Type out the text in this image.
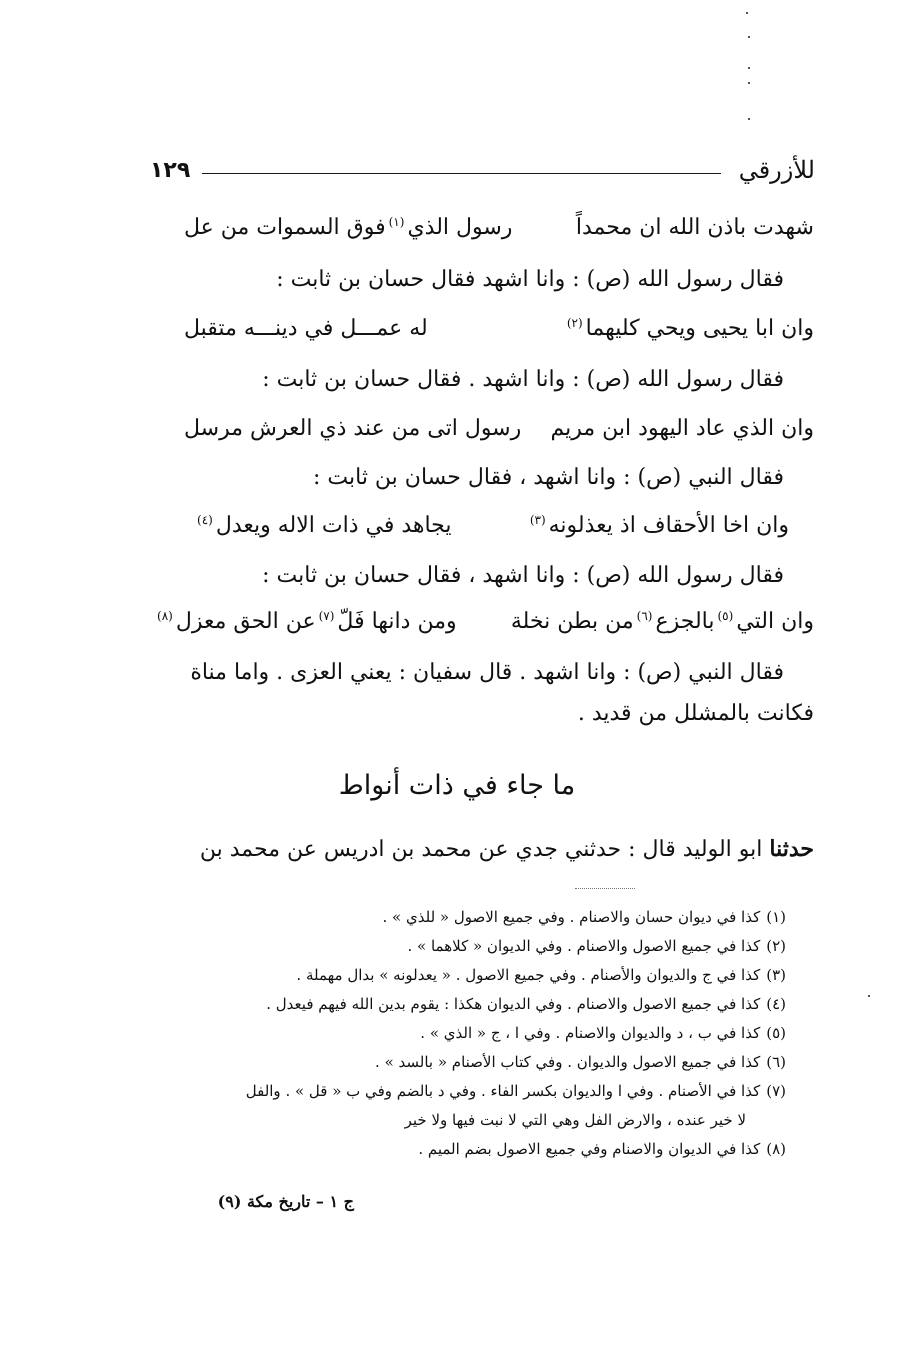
للأزرقي
١٢٩
شهدت باذن الله ان محمداً
رسول الذي$^{(١)}$فوق السموات من عل
فقال رسول الله (ص) : وانا اشهد فقال حسان بن ثابت :
وان ابا يحيى ويحي كليهما$^{(٢)}$
له عمـــل في دينـــه متقبل
فقال رسول الله (ص) : وانا اشهد . فقال حسان بن ثابت :
وان الذي عاد اليهود ابن مريم
رسول اتى من عند ذي العرش مرسل
فقال النبي (ص) : وانا اشهد ، فقال حسان بن ثابت :
وان اخا الأحقاف اذ يعذلونه$^{(٣)}$
يجاهد في ذات الاله ويعدل$^{(٤)}$
فقال رسول الله (ص) : وانا اشهد ، فقال حسان بن ثابت :
وان التي$^{(٥)}$بالجزع$^{(٦)}$من بطن نخلة
ومن دانها فَلّ$^{(٧)}$عن الحق معزل$^{(٨)}$
فقال النبي (ص) : وانا اشهد . قال سفيان : يعني العزى . واما مناة
فكانت بالمشلل من قديد .
ما جاء في ذات أنواط
حدثنا ابو الوليد قال : حدثني جدي عن محمد بن ادريس عن محمد بن
(١)كذا في ديوان حسان والاصنام . وفي جميع الاصول « للذي » .
(٢)كذا في جميع الاصول والاصنام . وفي الديوان « كلاهما » .
(٣)كذا في ج والديوان والأصنام . وفي جميع الاصول . « يعدلونه » بدال مهملة .
(٤)كذا في جميع الاصول والاصنام . وفي الديوان هكذا : يقوم بدين الله فيهم فيعدل .
(٥)كذا في ب ، د والديوان والاصنام . وفي ا ، ج « الذي » .
(٦)كذا في جميع الاصول والديوان . وفي كتاب الأصنام « بالسد » .
(٧)كذا في الأصنام . وفي ا والديوان بكسر الفاء . وفي د بالضم وفي ب « قل » . والفل
لا خير عنده ، والارض الفل وهي التي لا نبت فيها ولا خير
(٨)كذا في الديوان والاصنام وفي جميع الاصول بضم الميم .
ج ١ – تاريخ مكة (٩)
